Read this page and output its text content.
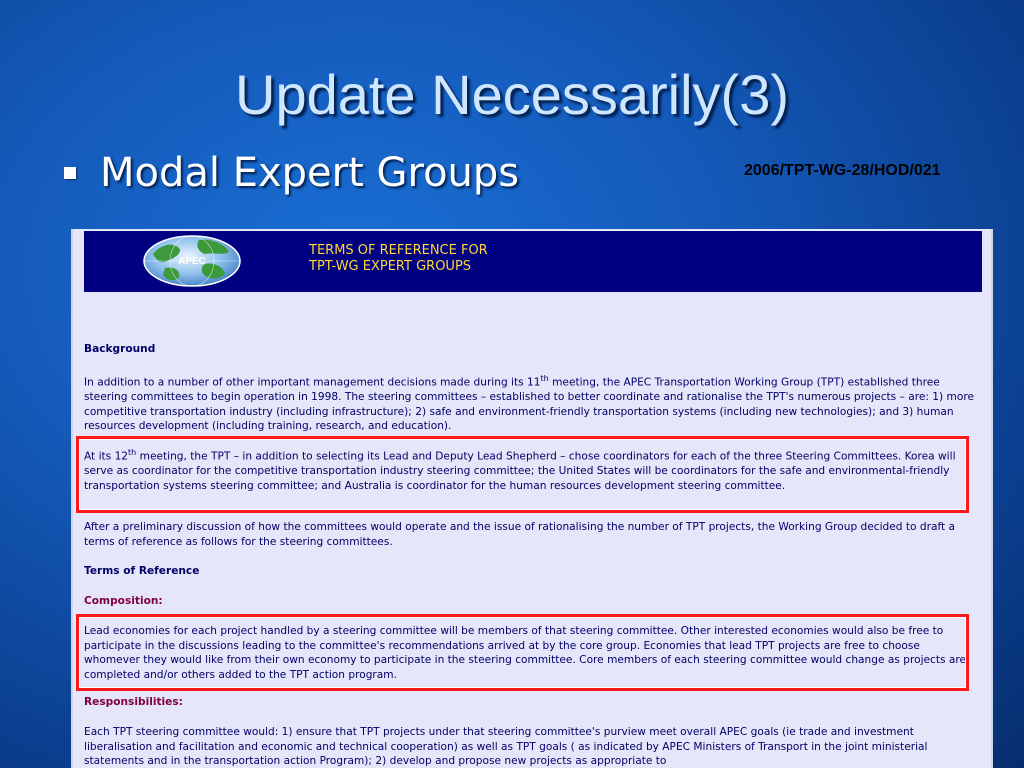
Update Necessarily(3)
Modal Expert Groups	2006/TPT-WG-28/HOD/021
APEC
TERMS OF REFERENCE FOR
TPT-WG EXPERT GROUPS

Background

In addition to a number of other important management decisions made during its 11th meeting, the APEC Transportation Working Group (TPT) established three steering committees to begin operation in 1998. The steering committees – established to better coordinate and rationalise the TPT's numerous projects – are: 1) more competitive transportation industry (including infrastructure); 2) safe and environment-friendly transportation systems (including new technologies); and 3) human resources development (including training, research, and education).

At its 12th meeting, the TPT – in addition to selecting its Lead and Deputy Lead Shepherd – chose coordinators for each of the three Steering Committees. Korea will serve as coordinator for the competitive transportation industry steering committee; the United States will be coordinators for the safe and environmental-friendly transportation systems steering committee; and Australia is coordinator for the human resources development steering committee.

After a preliminary discussion of how the committees would operate and the issue of rationalising the number of TPT projects, the Working Group decided to draft a terms of reference as follows for the steering committees.

Terms of Reference

Composition:

Lead economies for each project handled by a steering committee will be members of that steering committee. Other interested economies would also be free to participate in the discussions leading to the committee's recommendations arrived at by the core group. Economies that lead TPT projects are free to choose whomever they would like from their own economy to participate in the steering committee. Core members of each steering committee would change as projects are completed and/or others added to the TPT action program.

Responsibilities:

Each TPT steering committee would: 1) ensure that TPT projects under that steering committee's purview meet overall APEC goals (ie trade and investment liberalisation and facilitation and economic and technical cooperation) as well as TPT goals ( as indicated by APEC Ministers of Transport in the joint ministerial statements and in the transportation action Program); 2) develop and propose new projects as appropriate to
